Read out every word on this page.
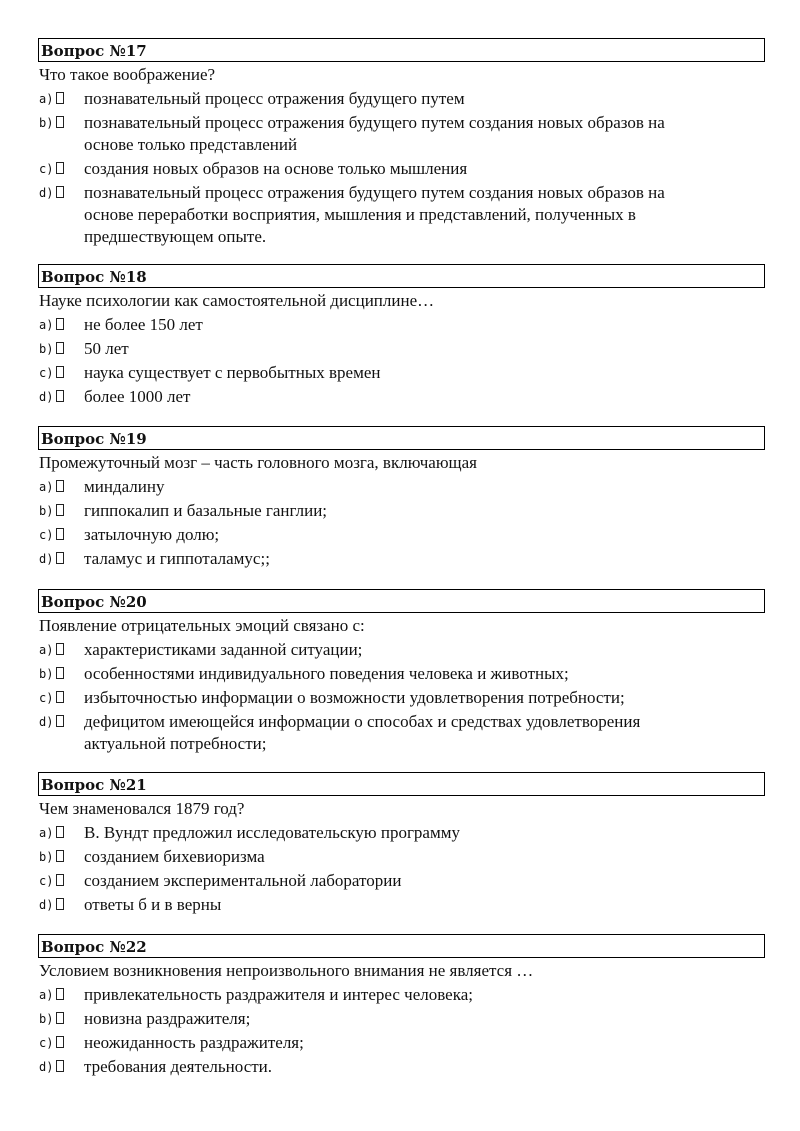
Вопрос №17
Что такое воображение?
a)	познавательный процесс отражения будущего путем
b)	познавательный процесс отражения будущего путем создания новых образов на основе только представлений
c)	создания новых образов на основе только мышления
d)	познавательный процесс отражения будущего путем создания новых образов на основе переработки восприятия, мышления и представлений, полученных в предшествующем опыте.
Вопрос №18
Науке психологии как самостоятельной дисциплине…
a)	не более 150 лет
b)	50 лет
c)	наука существует с первобытных времен
d)	более 1000 лет
Вопрос №19
Промежуточный мозг – часть головного мозга, включающая
a)	миндалину
b)	гиппокалип и базальные ганглии;
c)	затылочную долю;
d)	таламус и гиппоталамус;;
Вопрос №20
Появление отрицательных эмоций связано с:
a)	характеристиками заданной ситуации;
b)	особенностями индивидуального поведения человека и животных;
c)	избыточностью информации о возможности удовлетворения потребности;
d)	дефицитом имеющейся информации о способах и средствах удовлетворения актуальной потребности;
Вопрос №21
Чем знаменовался 1879 год?
a)	В. Вундт предложил исследовательскую программу
b)	созданием бихевиоризма
c)	созданием экспериментальной лаборатории
d)	ответы б и в верны
Вопрос №22
Условием возникновения непроизвольного внимания не является …
a)	привлекательность раздражителя и интерес человека;
b)	новизна раздражителя;
c)	неожиданность раздражителя;
d)	требования деятельности.
